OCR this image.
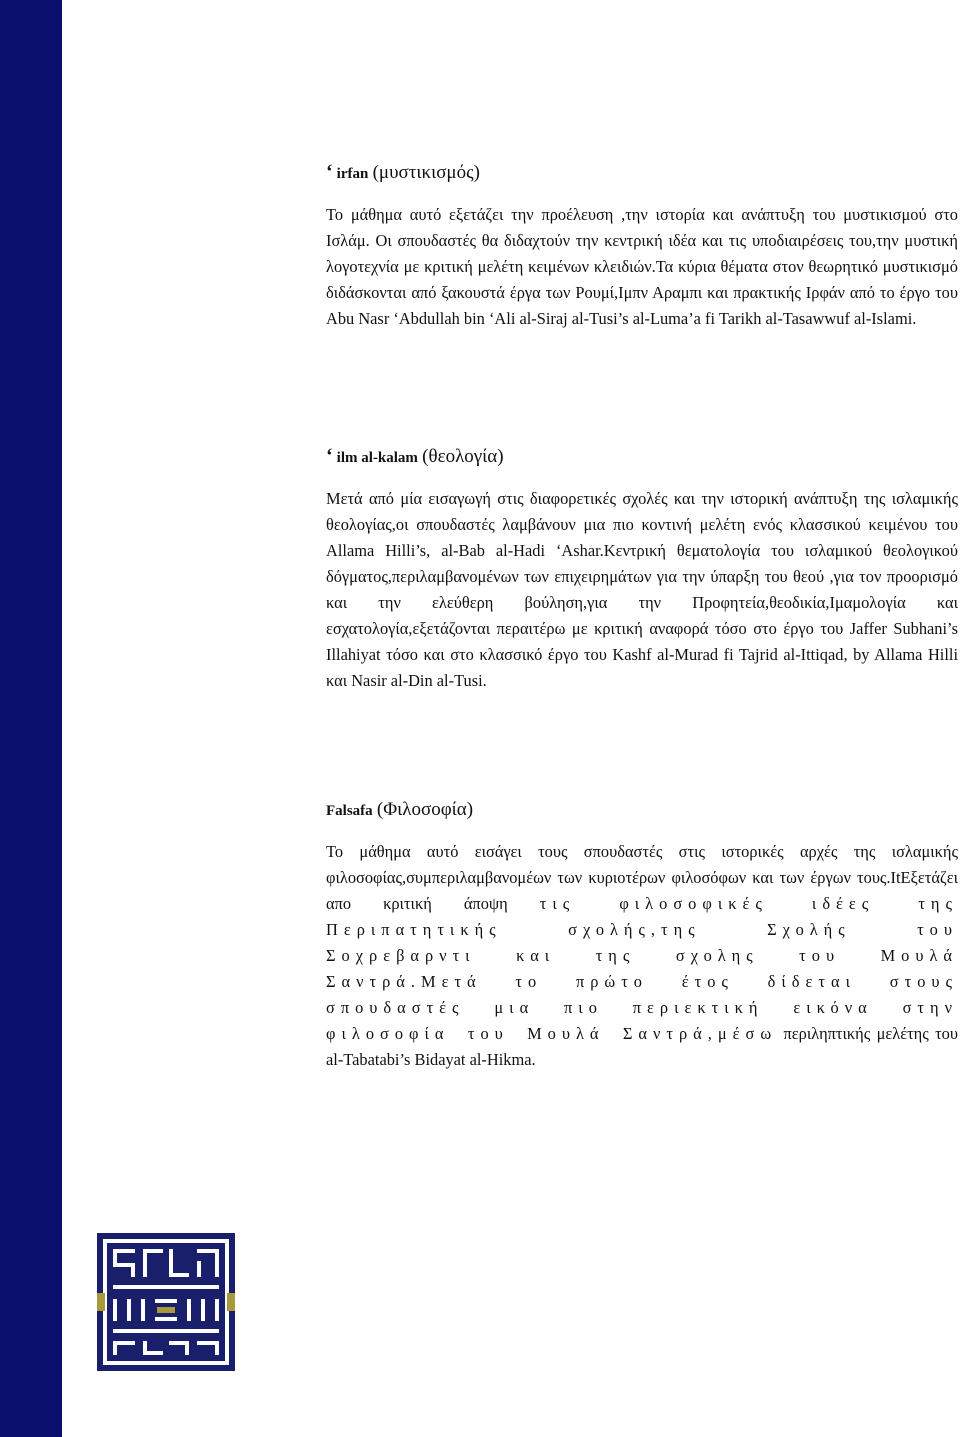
‘ irfan (μυστικισμός)

Το μάθημα αυτό εξετάζει την προέλευση ,την ιστορία και ανάπτυξη του μυστικισμού στο Ισλάμ. Οι σπουδαστές θα διδαχτούν την κεντρική ιδέα και τις υποδιαιρέσεις του,την μυστική λογοτεχνία με κριτική μελέτη κειμένων κλειδιών.Τα κύρια θέματα στον θεωρητικό μυστικισμό διδάσκονται από ξακουστά έργα των Ρουμί,Ιμπν Αραμπι και πρακτικής Ιρφάν από το έργο του Abu Nasr ‘Abdullah bin ‘Ali al-Siraj al-Tusi’s al-Luma’a fi Tarikh al-Tasawwuf al-Islami.

‘ ilm al-kalam (θεολογία)

Μετά από μία εισαγωγή στις διαφορετικές σχολές και την ιστορική ανάπτυξη της ισλαμικής θεολογίας,οι σπουδαστές λαμβάνουν μια πιο κοντινή μελέτη ενός κλασσικού κειμένου του Allama Hilli’s, al-Bab al-Hadi ‘Ashar.Κεντρική θεματολογία του ισλαμικού θεολογικού δόγματος,περιλαμβανομένων των επιχειρημάτων για την ύπαρξη του θεού ,για τον προορισμό και την ελεύθερη βούληση,για την Προφητεία,θεοδικία,Ιμαμολογία και εσχατολογία,εξετάζονται περαιτέρω με κριτική αναφορά τόσο στο έργο του Jaffer Subhani’s Illahiyat τόσο και στο κλασσικό έργο του Kashf al-Murad fi Tajrid al-Ittiqad, by Allama Hilli και Nasir al-Din al-Tusi.

Falsafa (Φιλοσοφία)

Το μάθημα αυτό εισάγει τους σπουδαστές στις ιστορικές αρχές της ισλαμικής φιλοσοφίας,συμπεριλαμβανομέων των κυριοτέρων φιλοσόφων και των έργων τους.ItΕξετάζει απο κριτική άποψη τις φιλοσοφικές ιδέες της Περιπατητικής σχολής,της Σχολής του Σοχρεβαρντι και της σχολης του Μουλά Σαντρά.Μετά το πρώτο έτος δίδεται στους σπουδαστές μια πιο περιεκτική εικόνα στην φιλοσοφία του Μουλά Σαντρά,μέσω περιληπτικής μελέτης του al-Tabatabi’s Bidayat al-Hikma.
